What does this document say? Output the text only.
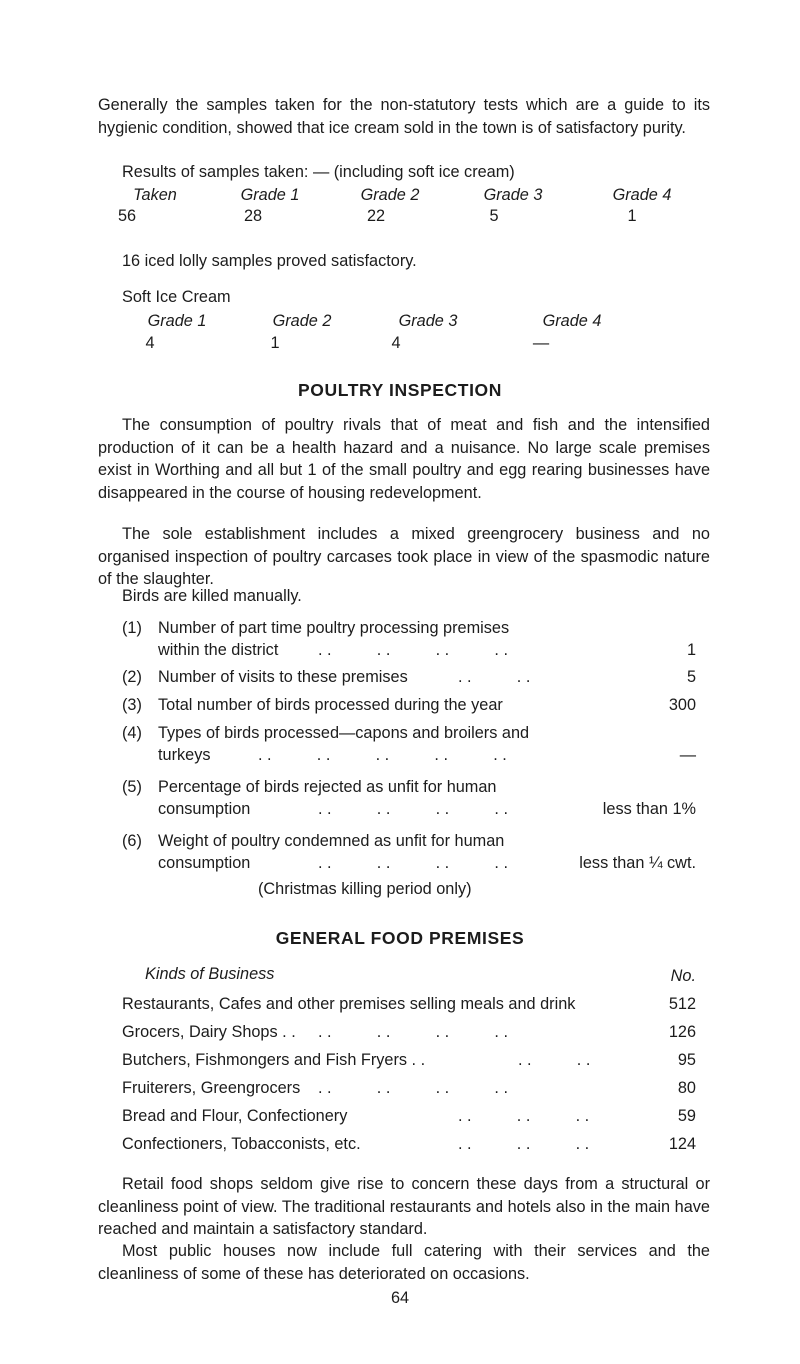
Generally the samples taken for the non-statutory tests which are a guide to its hygienic condition, showed that ice cream sold in the town is of satisfactory purity.

Results of samples taken: — (including soft ice cream)

Taken	Grade 1	Grade 2	Grade 3	Grade 4
56	28	22	5	1

16 iced lolly samples proved satisfactory.

Soft Ice Cream

Grade 1	Grade 2	Grade 3	Grade 4
4	1	4	—
POULTRY INSPECTION

The consumption of poultry rivals that of meat and fish and the intensified production of it can be a health hazard and a nuisance. No large scale premises exist in Worthing and all but 1 of the small poultry and egg rearing businesses have disappeared in the course of housing redevelopment.

The sole establishment includes a mixed greengrocery business and no organised inspection of poultry carcases took place in view of the spasmodic nature of the slaughter.

Birds are killed manually.

(1) Number of part time poultry processing premises
within the district . .          . .          . .          . .	1
(2) Number of visits to these premises	. .          . .	5
(3) Total number of birds processed during the year	300
(4) Types of birds processed—capons and broilers and
turkeys	. .          . .          . .          . .          . .	—
(5) Percentage of birds rejected as unfit for human
consumption	. .          . .          . .          . .	less than 1%
(6) Weight of poultry condemned as unfit for human
consumption	. .          . .          . .          . .	less than ¼ cwt.
(Christmas killing period only)
GENERAL FOOD PREMISES
Kinds of Business	No.
Restaurants, Cafes and other premises selling meals and drink	512
Grocers, Dairy Shops . . . .          . .          . .          . .	126
Butchers, Fishmongers and Fish Fryers . .	. .          . .	95
Fruiterers, Greengrocers . .          . .          . .          . .	80
Bread and Flour, Confectionery	. .          . .          . .	59
Confectioners, Tobacconists, etc.	. .          . .          . .	124

Retail food shops seldom give rise to concern these days from a structural or cleanliness point of view. The traditional restaurants and hotels also in the main have reached and maintain a satisfactory standard.

Most public houses now include full catering with their services and the cleanliness of some of these has deteriorated on occasions.

64
